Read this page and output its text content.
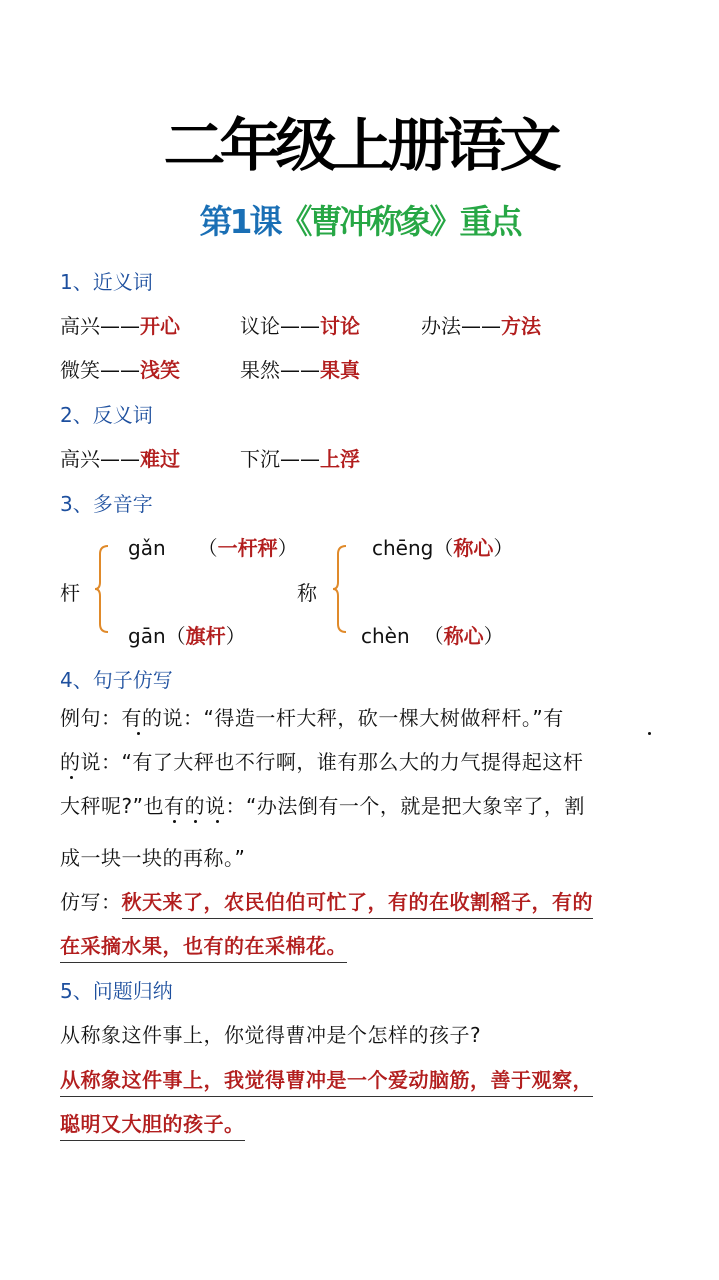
二年级上册语文
第1课《曹冲称象》重点
1、近义词
高兴——开心	议论——讨论	办法——方法
微笑——浅笑	果然——果真
2、反义词
高兴——难过	下沉——上浮
3、多音字
杆
gǎn （一杆秤）
gān（旗杆）
称
chēng（称心）
chèn （称心）
4、句子仿写
例句：有的说：“得造一杆大秤，砍一棵大树做秤杆。”有
的说：“有了大秤也不行啊，谁有那么大的力气提得起这杆
大秤呢?”也有的说：“办法倒有一个，就是把大象宰了，割
成一块一块的再称。”
仿写：秋天来了，农民伯伯可忙了，有的在收割稻子，有的
在采摘水果，也有的在采棉花。
5、问题归纳
从称象这件事上，你觉得曹冲是个怎样的孩子?
从称象这件事上，我觉得曹冲是一个爱动脑筋，善于观察，
聪明又大胆的孩子。
